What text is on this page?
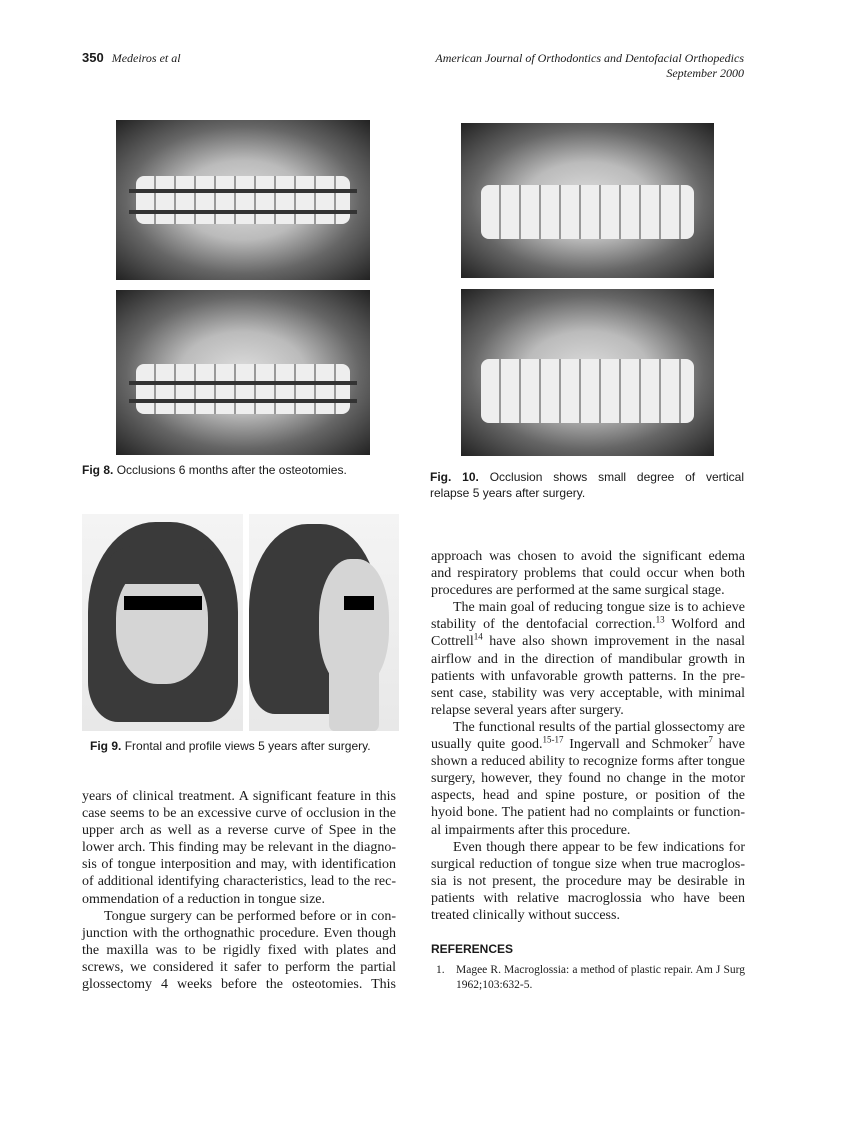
350 Medeiros et al	American Journal of Orthodontics and Dentofacial Orthopedics
September 2000
Fig 8. Occlusions 6 months after the osteotomies.	Fig. 10. Occlusion shows small degree of vertical
relapse 5 years after surgery.
Fig 9. Frontal and profile views 5 years after surgery.
years of clinical treatment. A significant feature in this
case seems to be an excessive curve of occlusion in the
upper arch as well as a reverse curve of Spee in the
lower arch. This finding may be relevant in the diagno-
sis of tongue interposition and may, with identification
of additional identifying characteristics, lead to the rec-
ommendation of a reduction in tongue size.
Tongue surgery can be performed before or in con-
junction with the orthognathic procedure. Even though
the maxilla was to be rigidly fixed with plates and
screws, we considered it safer to perform the partial
glossectomy 4 weeks before the osteotomies. This
approach was chosen to avoid the significant edema
and respiratory problems that could occur when both
procedures are performed at the same surgical stage.
The main goal of reducing tongue size is to achieve
stability of the dentofacial correction.$^{13}$ Wolford and
Cottrell$^{14}$ have also shown improvement in the nasal
airflow and in the direction of mandibular growth in
patients with unfavorable growth patterns. In the pre-
sent case, stability was very acceptable, with minimal
relapse several years after surgery.
The functional results of the partial glossectomy are
usually quite good.$^{15-17}$ Ingervall and Schmoker$^7$ have
shown a reduced ability to recognize forms after tongue
surgery, however, they found no change in the motor
aspects, head and spine posture, or position of the
hyoid bone. The patient had no complaints or function-
al impairments after this procedure.
Even though there appear to be few indications for
surgical reduction of tongue size when true macroglos-
sia is not present, the procedure may be desirable in
patients with relative macroglossia who have been
treated clinically without success.
REFERENCES
1. Magee R. Macroglossia: a method of plastic repair. Am J Surg
1962;103:632-5.
